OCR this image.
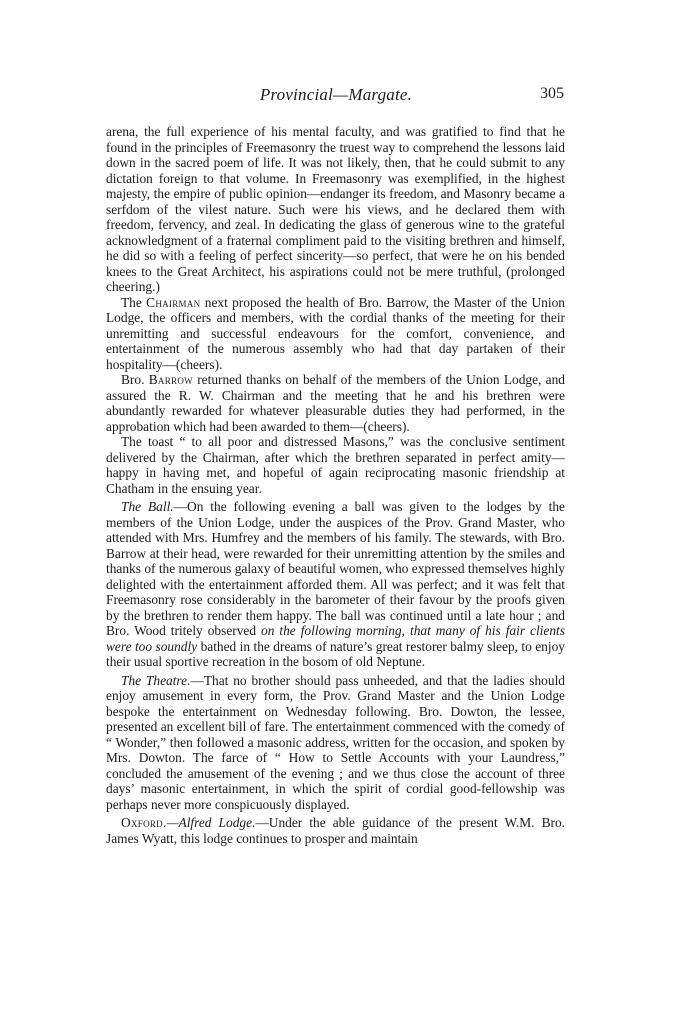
Provincial—Margate.	305

arena, the full experience of his mental faculty, and was gratified to find that he found in the principles of Freemasonry the truest way to comprehend the lessons laid down in the sacred poem of life. It was not likely, then, that he could submit to any dictation foreign to that volume. In Freemasonry was exemplified, in the highest majesty, the empire of public opinion—endanger its freedom, and Masonry became a serfdom of the vilest nature. Such were his views, and he declared them with freedom, fervency, and zeal. In dedicating the glass of generous wine to the grateful acknowledgment of a fraternal compliment paid to the visiting brethren and himself, he did so with a feeling of perfect sincerity—so perfect, that were he on his bended knees to the Great Architect, his aspirations could not be mere truthful, (prolonged cheering.)

The Chairman next proposed the health of Bro. Barrow, the Master of the Union Lodge, the officers and members, with the cordial thanks of the meeting for their unremitting and successful endeavours for the comfort, convenience, and entertainment of the numerous assembly who had that day partaken of their hospitality—(cheers).

Bro. Barrow returned thanks on behalf of the members of the Union Lodge, and assured the R. W. Chairman and the meeting that he and his brethren were abundantly rewarded for whatever pleasurable duties they had performed, in the approbation which had been awarded to them—(cheers).

The toast “ to all poor and distressed Masons,” was the conclusive sentiment delivered by the Chairman, after which the brethren separated in perfect amity—happy in having met, and hopeful of again reciprocating masonic friendship at Chatham in the ensuing year.

The Ball.—On the following evening a ball was given to the lodges by the members of the Union Lodge, under the auspices of the Prov. Grand Master, who attended with Mrs. Humfrey and the members of his family. The stewards, with Bro. Barrow at their head, were rewarded for their unremitting attention by the smiles and thanks of the numerous galaxy of beautiful women, who expressed themselves highly delighted with the entertainment afforded them. All was perfect; and it was felt that Freemasonry rose considerably in the barometer of their favour by the proofs given by the brethren to render them happy. The ball was continued until a late hour ; and Bro. Wood tritely observed on the following morning, that many of his fair clients were too soundly bathed in the dreams of nature’s great restorer balmy sleep, to enjoy their usual sportive recreation in the bosom of old Neptune.

The Theatre.—That no brother should pass unheeded, and that the ladies should enjoy amusement in every form, the Prov. Grand Master and the Union Lodge bespoke the entertainment on Wednesday following. Bro. Dowton, the lessee, presented an excellent bill of fare. The entertainment commenced with the comedy of “ Wonder,” then followed a masonic address, written for the occasion, and spoken by Mrs. Dowton. The farce of “ How to Settle Accounts with your Laundress,” concluded the amusement of the evening ; and we thus close the account of three days’ masonic entertainment, in which the spirit of cordial good-fellowship was perhaps never more conspicuously displayed.

Oxford.—Alfred Lodge.—Under the able guidance of the present W.M. Bro. James Wyatt, this lodge continues to prosper and maintain
